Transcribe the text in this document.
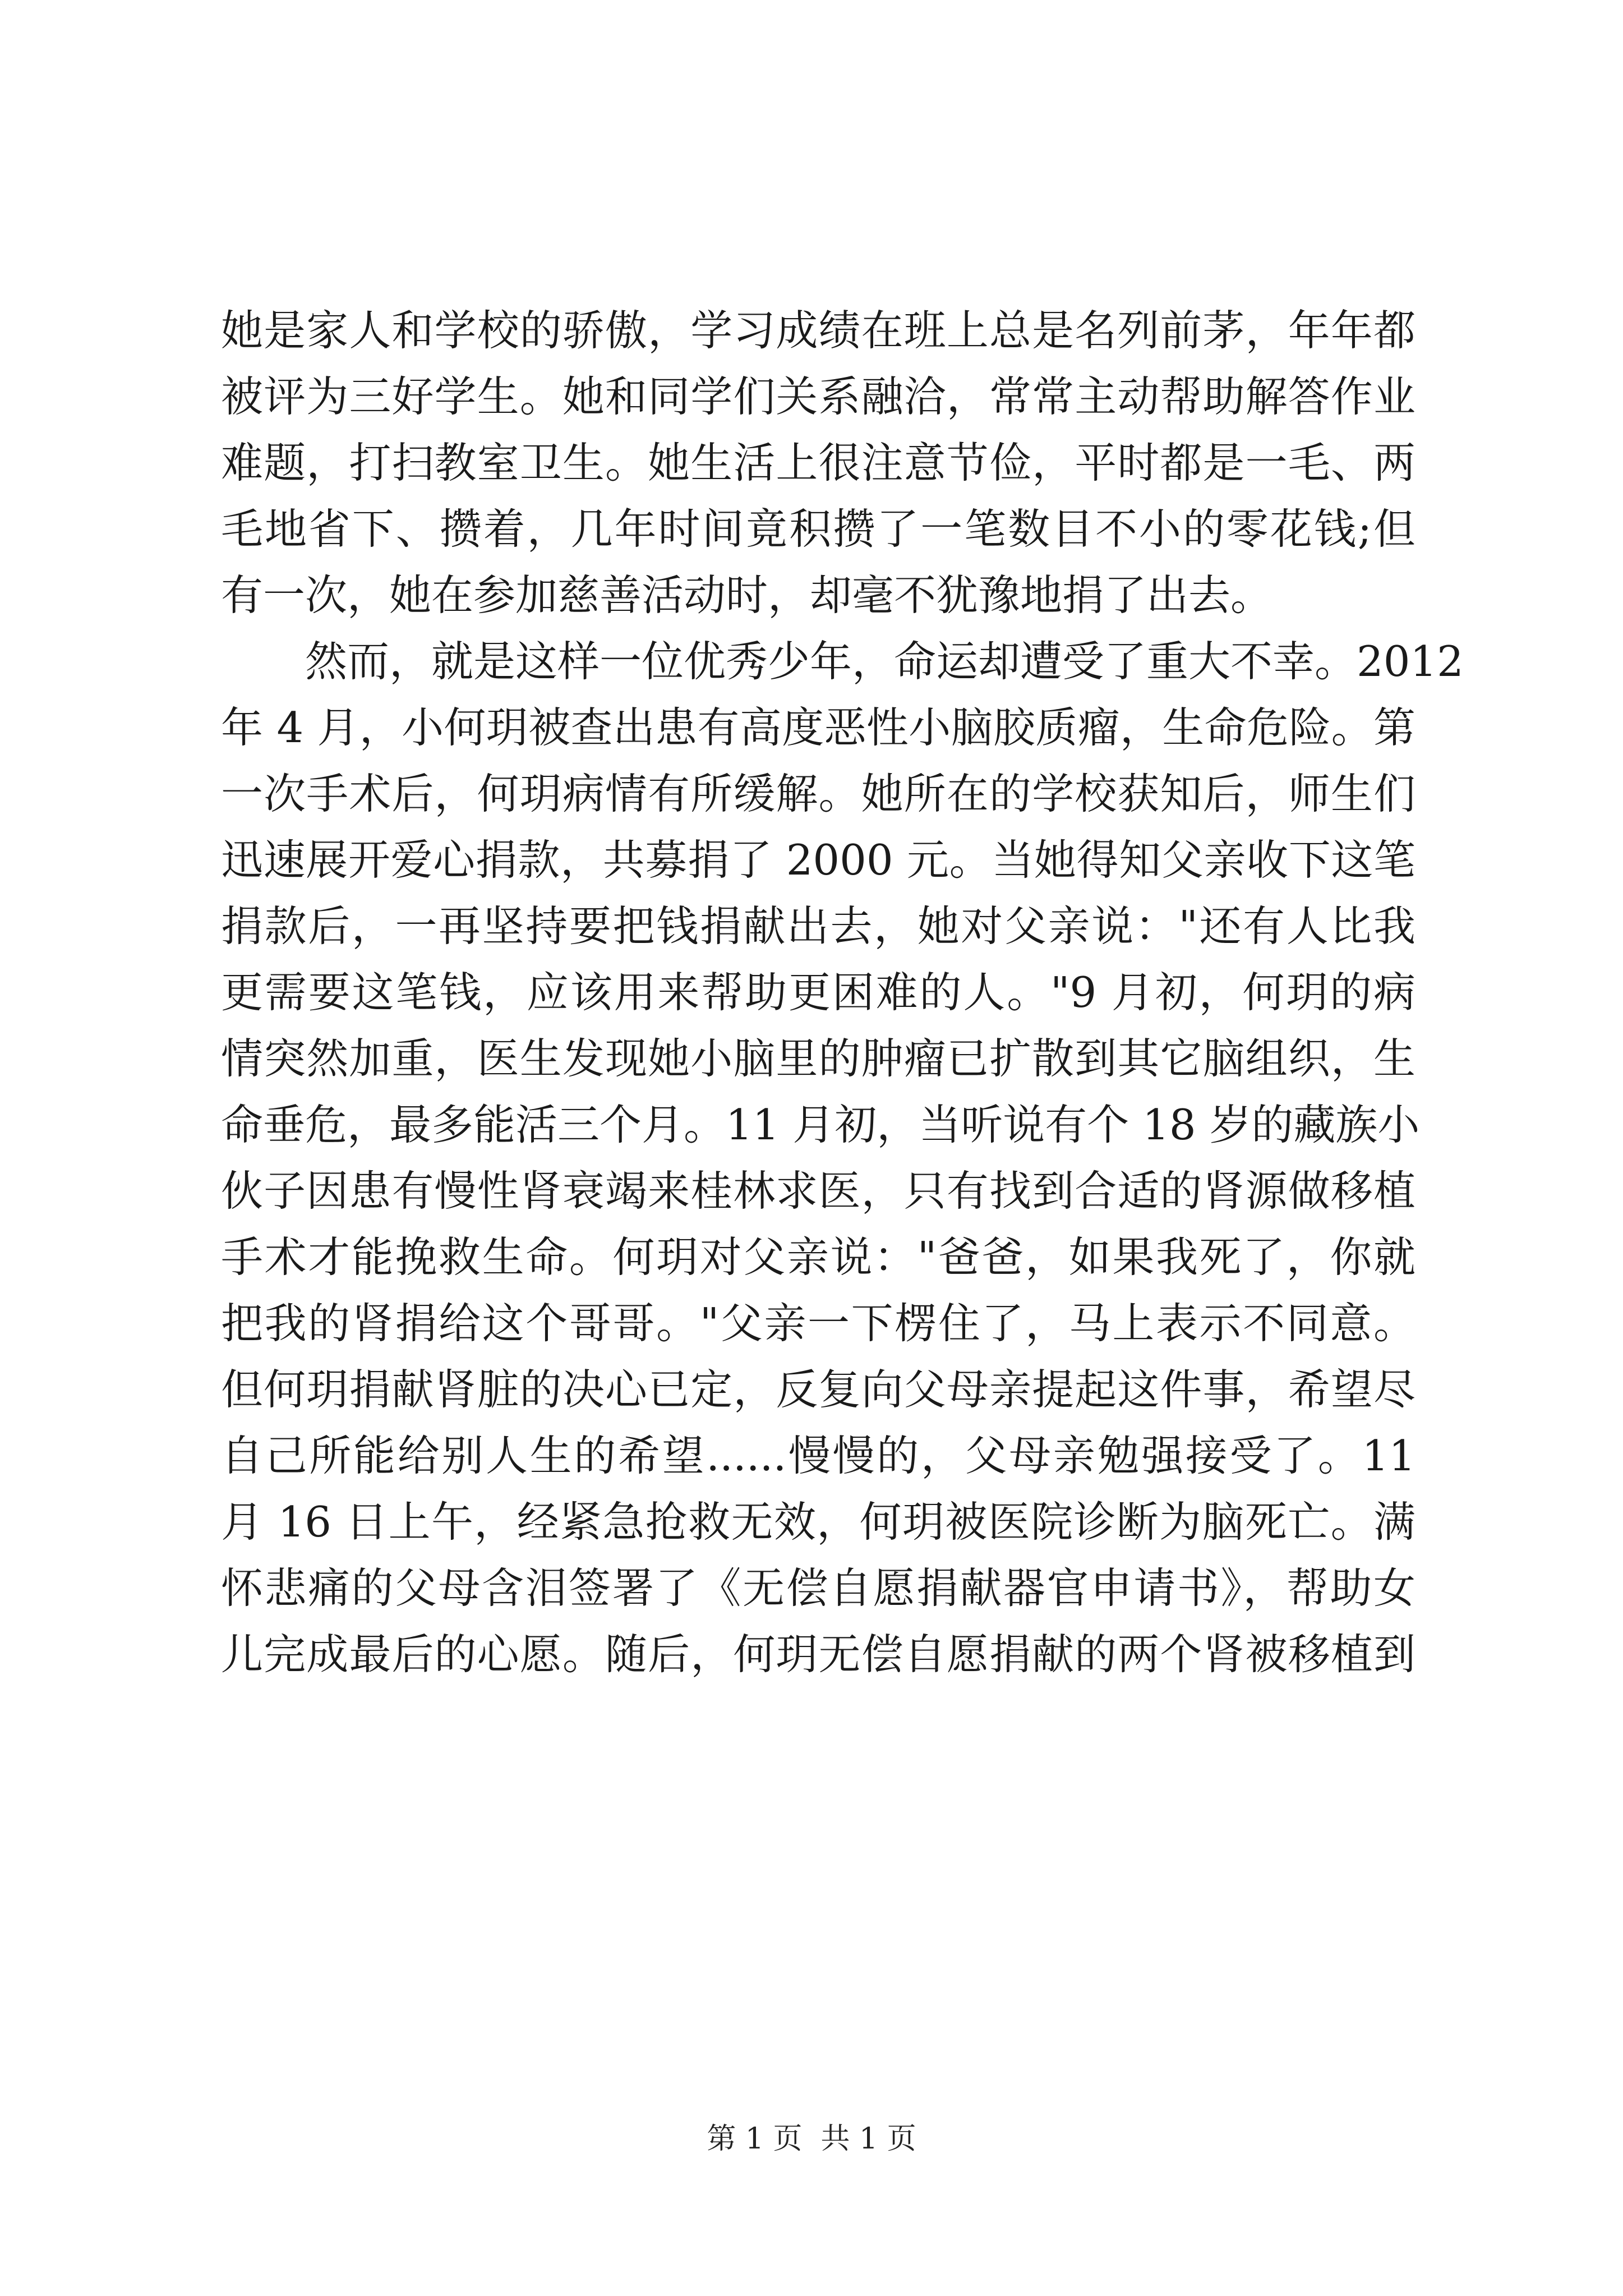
她是家人和学校的骄傲，学习成绩在班上总是名列前茅，年年都
被评为三好学生。她和同学们关系融洽，常常主动帮助解答作业
难题，打扫教室卫生。她生活上很注意节俭，平时都是一毛、两
毛地省下、攒着，几年时间竟积攒了一笔数目不小的零花钱;但
有一次，她在参加慈善活动时，却毫不犹豫地捐了出去。
　　然而，就是这样一位优秀少年，命运却遭受了重大不幸。2012
年 4 月，小何玥被查出患有高度恶性小脑胶质瘤，生命危险。第
一次手术后，何玥病情有所缓解。她所在的学校获知后，师生们
迅速展开爱心捐款，共募捐了 2000 元。当她得知父亲收下这笔
捐款后，一再坚持要把钱捐献出去，她对父亲说："还有人比我
更需要这笔钱，应该用来帮助更困难的人。"9 月初，何玥的病
情突然加重，医生发现她小脑里的肿瘤已扩散到其它脑组织，生
命垂危，最多能活三个月。11 月初，当听说有个 18 岁的藏族小
伙子因患有慢性肾衰竭来桂林求医，只有找到合适的肾源做移植
手术才能挽救生命。何玥对父亲说："爸爸，如果我死了，你就
把我的肾捐给这个哥哥。"父亲一下楞住了，马上表示不同意。
但何玥捐献肾脏的决心已定，反复向父母亲提起这件事，希望尽
自己所能给别人生的希望......慢慢的，父母亲勉强接受了。11
月 16 日上午，经紧急抢救无效，何玥被医院诊断为脑死亡。满
怀悲痛的父母含泪签署了《无偿自愿捐献器官申请书》，帮助女
儿完成最后的心愿。随后，何玥无偿自愿捐献的两个肾被移植到
第 1 页  共 1 页
